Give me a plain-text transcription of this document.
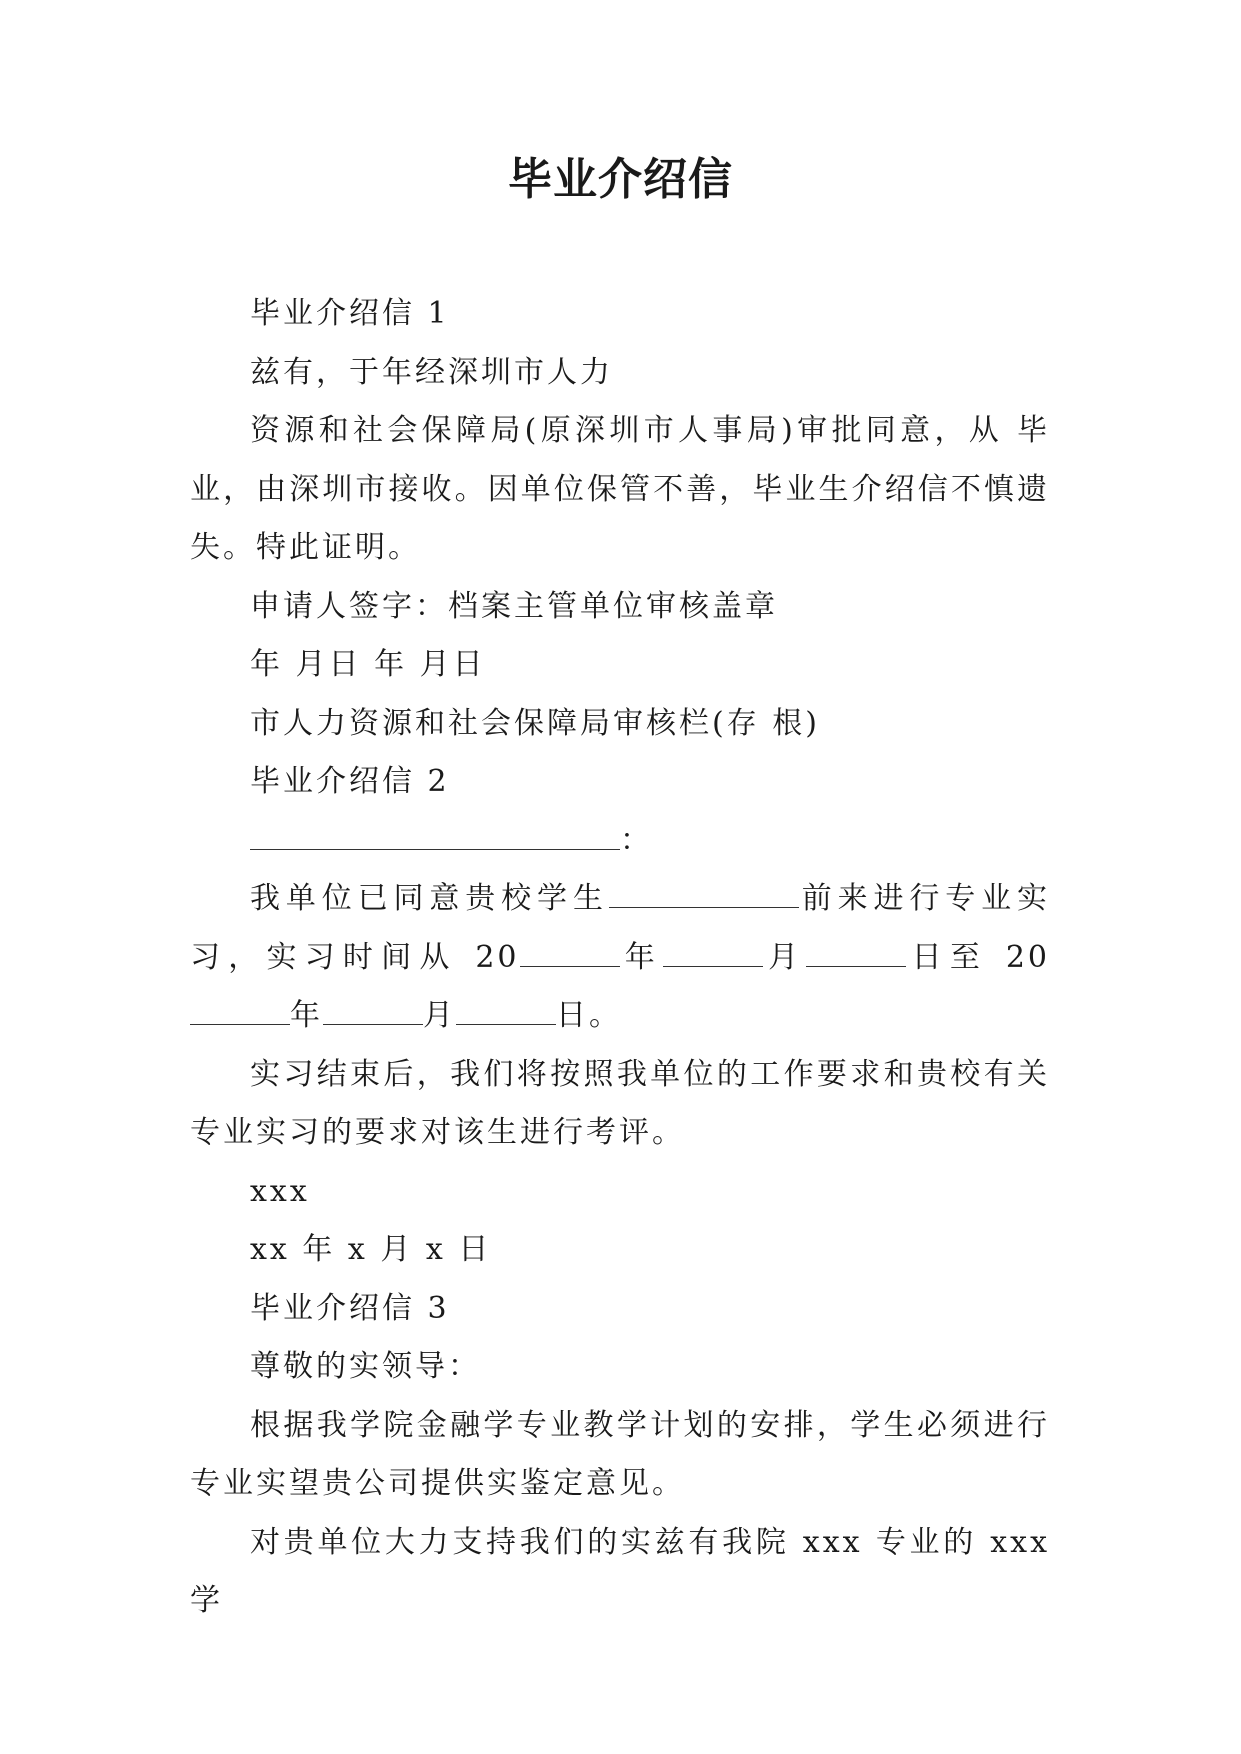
毕业介绍信

毕业介绍信 1

兹有，于年经深圳市人力

资源和社会保障局(原深圳市人事局)审批同意，从 毕业，由深圳市接收。因单位保管不善，毕业生介绍信不慎遗失。特此证明。

申请人签字：档案主管单位审核盖章

年 月日 年 月日

市人力资源和社会保障局审核栏(存 根)

毕业介绍信 2

：

我单位已同意贵校学生	前来进行专业实习，实习时间从 20	年	月	日至 20年	月	日。

实习结束后，我们将按照我单位的工作要求和贵校有关专业实习的要求对该生进行考评。

xxx

xx 年 x 月 x 日

毕业介绍信 3

尊敬的实领导：

根据我学院金融学专业教学计划的安排，学生必须进行专业实望贵公司提供实鉴定意见。

对贵单位大力支持我们的实兹有我院 xxx 专业的 xxx 学
